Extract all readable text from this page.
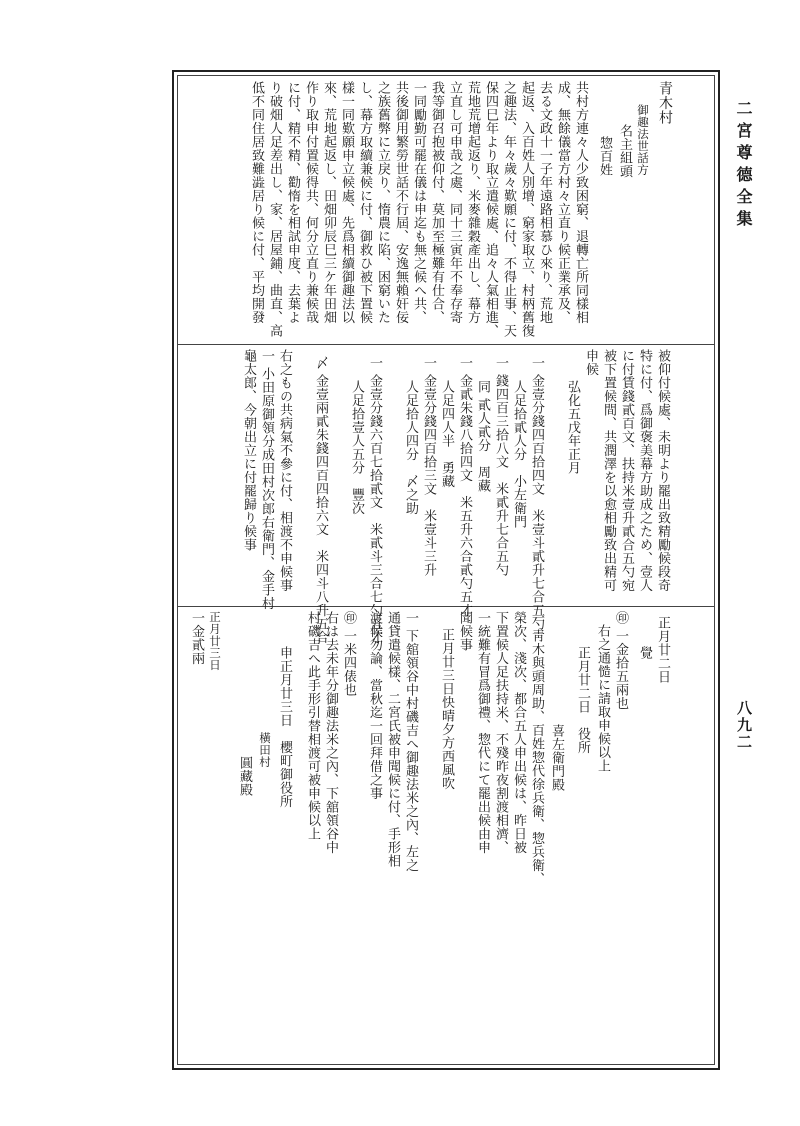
二宮尊德全集
八九二
青木村
御趣法世話方
名主組頭
惣百姓
共村方連々人少致困窮、退轉亡所同樣相
成、無餘儀當方村々立直り候正業承及、
去る文政十一子年遠路相慕ひ來り、荒地
起返、入百姓人別增、窮家取立、村柄舊復
之趣法、年々歲々歎願に付、不得止事、天
保四巳年より取立遣候處、追々人氣相進、
荒地荒增起返り、米麥雜穀產出し、幕方
立直し可申哉之處、同十三寅年不奉存寄
我等御召抱被仰付、莫加至極難有仕合、
一同勵勤可罷在儀は申迄も無之候へ共、
共後御用繁勞世話不行屆、安逸無賴奸佞
之族舊弊に立戾り、惰農に陷、困窮いた
し、幕方取續兼候に付、御救ひ被下置候
樣一同歎願申立候處、先爲相續御趣法以
來、荒地起返し、田畑卯辰巳三ケ年田畑
作り取申付置候得共、何分立直り兼候哉
に付、精不精、勸惰を相試申度、去葉よ
り破畑人足差出し、家、居屋鋪、曲直、高
低不同住居致難澁居り候に付、平均開發
被仰付候處、未明より罷出致精勵候段奇
特に付、爲御褒美幕方助成之ため、壹人
に付賃錢貳百文、扶持米壹升貳合五勺宛
被下置候間、共潤澤を以愈相勵致出精可
申候
弘化五戊年正月
一 金壹分錢四百拾四文　米壹斗貳升七合五勺
人足拾貳人分　小左衛門
一 錢四百三拾八文　米貳升七合五勺
同 貳人貳分　周藏
一 金貳朱錢八拾四文　米五升六合貳勺五才
人足四人半　勇藏
一 金壹分錢四百拾三文　米壹斗三升
人足拾人四分　〆之助
一 金壹分錢六百七拾貳文　米貳斗三合七勺五才
人足拾壹人五分　豐次
〆 金壹兩貳朱錢四百四拾六文　米四斗八升五合
右之もの共病氣不參に付、相渡不申候事
一 小田原御領分成田村次郎右衛門、金手村
龜太郎、今朝出立に付罷歸り候事
正月廿二日
覺
㊞ 一金拾五兩也
右之通慥に請取申候以上
正月廿二日　役所
喜左衛門殿
一 靑木與頭周助、百姓惣代徐兵衛、惣兵衛、
榮次、淺次、都合五人申出候は、昨日被
下置候人足扶持米、不殘昨夜割渡相濟、
一統難有冒爲御禮、惣代にて罷出候由申
聞候事
正月廿三日快晴夕方西風吹
一 下舘領谷中村磯吉へ御趣法米之內、左之
通貸遣候樣、二宮氏被申聞候に付、手形相
渡候勿論、當秋迄一回拜借之事
㊞ 一米四俵也
右は去未年分御趣法米之內、下舘領谷中
村磯吉へ此手形引替相渡可被申候以上
申正月廿三日　櫻町御役所
橫田村
圓藏殿
正月廿三日
一金貳兩
